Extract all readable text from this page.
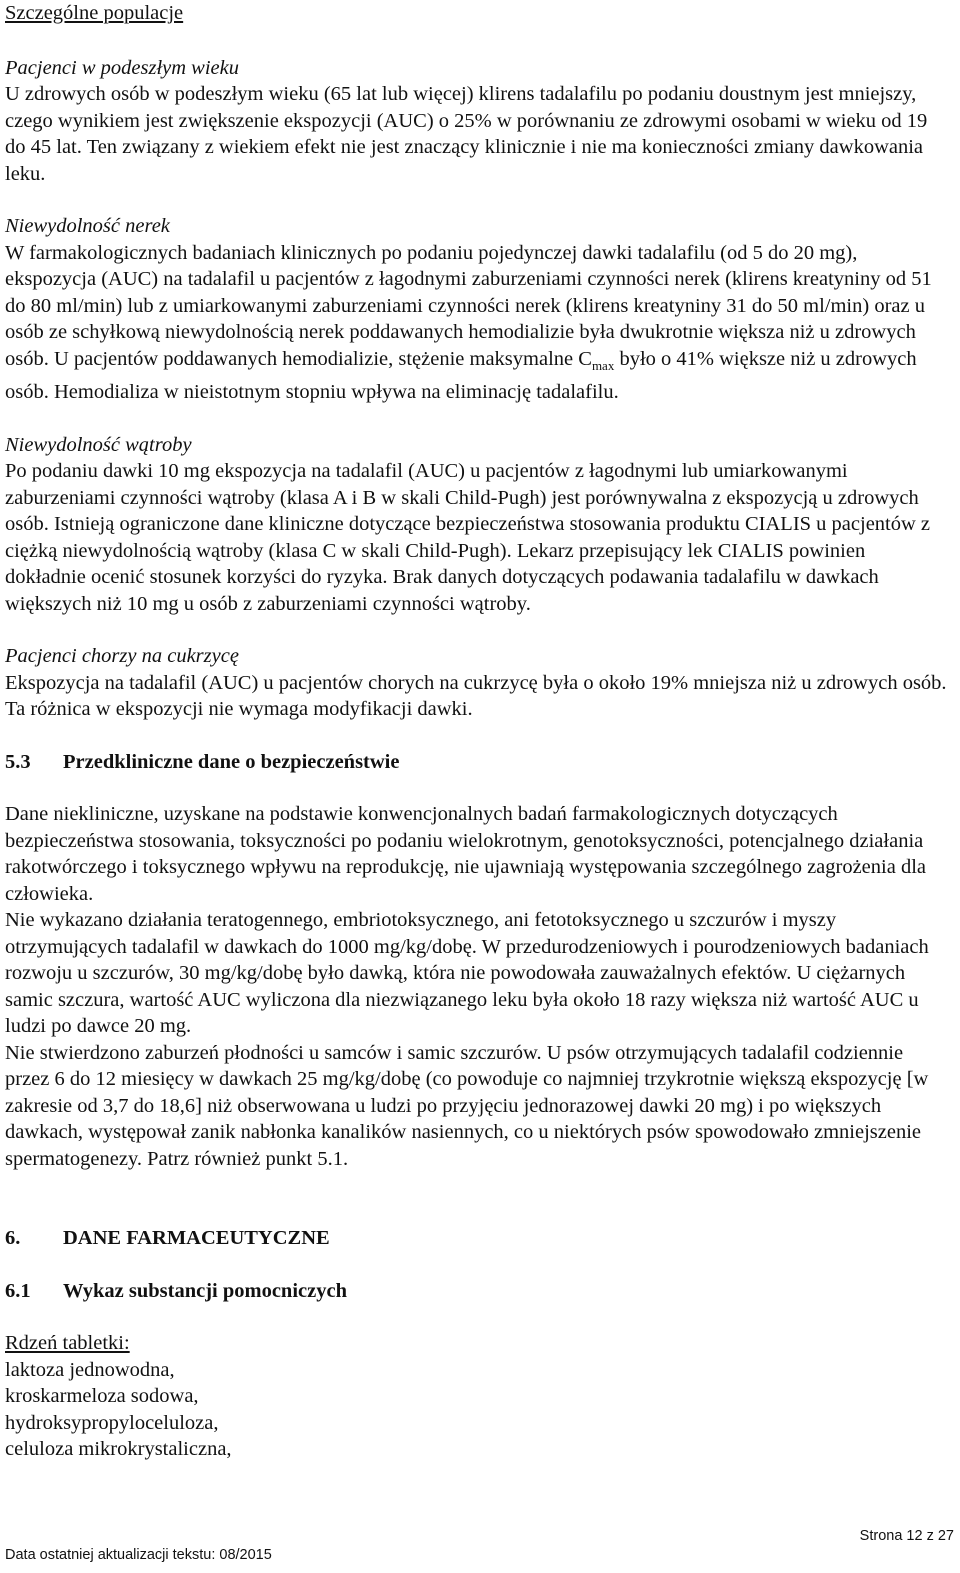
Szczególne populacje

Pacjenci w podeszłym wieku

U zdrowych osób w podeszłym wieku (65 lat lub więcej) klirens tadalafilu po podaniu doustnym jest mniejszy, czego wynikiem jest zwiększenie ekspozycji (AUC) o 25% w porównaniu ze zdrowymi osobami w wieku od 19 do 45 lat. Ten związany z wiekiem efekt nie jest znaczący klinicznie i nie ma konieczności zmiany dawkowania leku.

Niewydolność nerek

W farmakologicznych badaniach klinicznych po podaniu pojedynczej dawki tadalafilu (od 5 do 20 mg), ekspozycja (AUC) na tadalafil u pacjentów z łagodnymi zaburzeniami czynności nerek (klirens kreatyniny od 51 do 80 ml/min) lub z umiarkowanymi zaburzeniami czynności nerek (klirens kreatyniny 31 do 50 ml/min) oraz u osób ze schyłkową niewydolnością nerek poddawanych hemodializie była dwukrotnie większa niż u zdrowych osób. U pacjentów poddawanych hemodializie, stężenie maksymalne $C_{max}$ było o 41% większe niż u zdrowych osób. Hemodializa w nieistotnym stopniu wpływa na eliminację tadalafilu.

Niewydolność wątroby

Po podaniu dawki 10 mg ekspozycja na tadalafil (AUC) u pacjentów z łagodnymi lub umiarkowanymi zaburzeniami czynności wątroby (klasa A i B w skali Child-Pugh) jest porównywalna z ekspozycją u zdrowych osób. Istnieją ograniczone dane kliniczne dotyczące bezpieczeństwa stosowania produktu CIALIS u pacjentów z ciężką niewydolnością wątroby (klasa C w skali Child-Pugh). Lekarz przepisujący lek CIALIS powinien dokładnie ocenić stosunek korzyści do ryzyka. Brak danych dotyczących podawania tadalafilu w dawkach większych niż 10 mg u osób z zaburzeniami czynności wątroby.

Pacjenci chorzy na cukrzycę

Ekspozycja na tadalafil (AUC) u pacjentów chorych na cukrzycę była o około 19% mniejsza niż u zdrowych osób. Ta różnica w ekspozycji nie wymaga modyfikacji dawki.

5.3	Przedkliniczne dane o bezpieczeństwie

Dane niekliniczne, uzyskane na podstawie konwencjonalnych badań farmakologicznych dotyczących bezpieczeństwa stosowania, toksyczności po podaniu wielokrotnym, genotoksyczności, potencjalnego działania rakotwórczego i toksycznego wpływu na reprodukcję, nie ujawniają występowania szczególnego zagrożenia dla człowieka.

Nie wykazano działania teratogennego, embriotoksycznego, ani fetotoksycznego u szczurów i myszy otrzymujących tadalafil w dawkach do 1000 mg/kg/dobę. W przedurodzeniowych i pourodzeniowych badaniach rozwoju u szczurów, 30 mg/kg/dobę było dawką, która nie powodowała zauważalnych efektów. U ciężarnych samic szczura, wartość AUC wyliczona dla niezwiązanego leku była około 18 razy większa niż wartość AUC u ludzi po dawce 20 mg.

Nie stwierdzono zaburzeń płodności u samców i samic szczurów. U psów otrzymujących tadalafil codziennie przez 6 do 12 miesięcy w dawkach 25 mg/kg/dobę (co powoduje co najmniej trzykrotnie większą ekspozycję [w zakresie od 3,7 do 18,6] niż obserwowana u ludzi po przyjęciu jednorazowej dawki 20 mg) i po większych dawkach, występował zanik nabłonka kanalików nasiennych, co u niektórych psów spowodowało zmniejszenie spermatogenezy. Patrz również punkt 5.1.

6.	DANE FARMACEUTYCZNE
6.1	Wykaz substancji pomocniczych

Rdzeń tabletki:

laktoza jednowodna,

kroskarmeloza sodowa,

hydroksypropyloceluloza,

celuloza mikrokrystaliczna,

Strona 12 z 27
Data ostatniej aktualizacji tekstu: 08/2015
